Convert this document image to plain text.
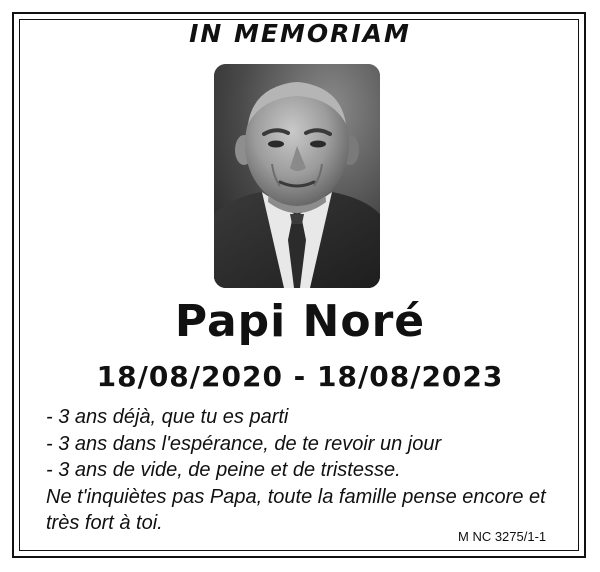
IN MEMORIAM
Papi Noré
18/08/2020 - 18/08/2023
- 3 ans déjà, que tu es parti
- 3 ans dans l'espérance, de te revoir un jour
- 3 ans de vide, de peine et de tristesse.
Ne t'inquiètes pas Papa, toute la famille pense encore et
très fort à toi.
M NC 3275/1-1
